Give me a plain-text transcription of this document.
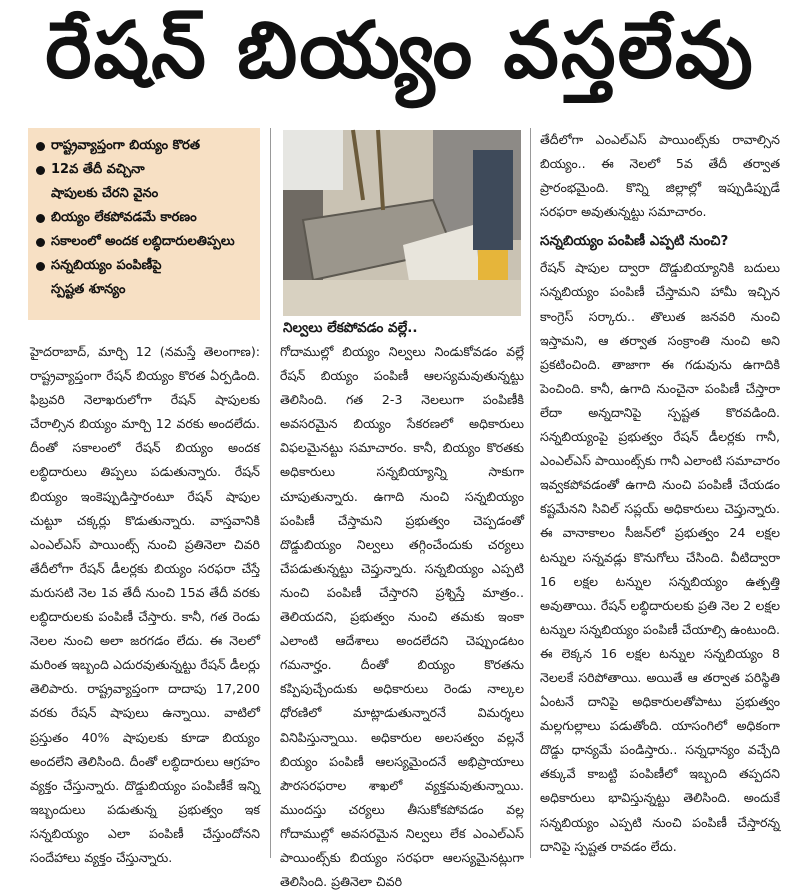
రేషన్ బియ్యం వస్తలేవు
రాష్ట్రవ్యాప్తంగా బియ్యం కొరత
12వ తేదీ వచ్చినా
షాపులకు చేరని వైనం
బియ్యం లేకపోవడమే కారణం
సకాలంలో అందక లబ్ధిదారులతిప్పలు
సన్నబియ్యం పంపిణీపై
స్పష్టత శూన్యం

హైదరాబాద్, మార్చి 12 (నమస్తే తెలంగాణ): రాష్ట్రవ్యాప్తంగా రేషన్ బియ్యం కొరత ఏర్పడింది. ఫిబ్రవరి నెలాఖరులోగా రేషన్ షాపులకు చేరాల్సిన బియ్యం మార్చి 12 వరకు అందలేదు. దీంతో సకాలంలో రేషన్ బియ్యం అందక లబ్ధిదారులు తిప్పలు పడుతున్నారు. రేషన్ బియ్యం ఇంకెప్పుడిస్తారంటూ రేషన్ షాపుల చుట్టూ చక్కర్లు కొడుతున్నారు. వాస్తవానికి ఎంఎల్ఎస్ పాయింట్స్ నుంచి ప్రతినెలా చివరి తేదీలోగా రేషన్ డీలర్లకు బియ్యం సరఫరా చేస్తే మరుసటి నెల 1వ తేదీ నుంచి 15వ తేదీ వరకు లబ్ధిదారులకు పంపిణీ చేస్తారు. కానీ, గత రెండు నెలల నుంచి అలా జరగడం లేదు. ఈ నెలలో మరింత ఇబ్బంది ఎదురవుతున్నట్టు రేషన్ డీలర్లు తెలిపారు. రాష్ట్రవ్యాప్తంగా దాదాపు 17,200 వరకు రేషన్ షాపులు ఉన్నాయి. వాటిలో ప్రస్తుతం 40% షాపులకు కూడా బియ్యం అందలేని తెలిసింది. దీంతో లబ్ధిదారులు ఆగ్రహం వ్యక్తం చేస్తున్నారు. దొడ్డుబియ్యం పంపిణీకే ఇన్ని ఇబ్బందులు పడుతున్న ప్రభుత్వం ఇక సన్నబియ్యం ఎలా పంపిణీ చేస్తుందోనని సందేహాలు వ్యక్తం చేస్తున్నారు.

నిల్వలు లేకపోవడం వల్లే..

గోదాముల్లో బియ్యం నిల్వలు నిండుకోవడం వల్లే రేషన్ బియ్యం పంపిణీ ఆలస్యమవుతున్నట్టు తెలిసింది. గత 2-3 నెలలుగా పంపిణీకి అవసరమైన బియ్యం సేకరణలో అధికారులు విఫలమైనట్టు సమాచారం. కానీ, బియ్యం కొరతకు అధికారులు సన్నబియ్యాన్ని సాకుగా చూపుతున్నారు. ఉగాది నుంచి సన్నబియ్యం పంపిణీ చేస్తామని ప్రభుత్వం చెప్పడంతో దొడ్డుబియ్యం నిల్వలు తగ్గించేందుకు చర్యలు చేపడుతున్నట్టు చెప్తున్నారు. సన్నబియ్యం ఎప్పటి నుంచి పంపిణీ చేస్తారని ప్రశ్నిస్తే మాత్రం.. తెలియదని, ప్రభుత్వం నుంచి తమకు ఇంకా ఎలాంటి ఆదేశాలు అందలేదని చెప్పుండటం గమనార్హం. దీంతో బియ్యం కొరతను కప్పిపుచ్చేందుకు అధికారులు రెండు నాల్కల ధోరణిలో మాట్లాడుతున్నారనే విమర్శలు వినిపిస్తున్నాయి. అధికారుల అలసత్వం వల్లనే బియ్యం పంపిణీ ఆలస్యమైందనే అభిప్రాయాలు పౌరసరఫరాల శాఖలో వ్యక్తమవుతున్నాయి. ముందస్తు చర్యలు తీసుకోకపోవడం వల్ల గోదాముల్లో అవసరమైన నిల్వలు లేక ఎంఎల్ఎస్ పాయింట్స్‌కు బియ్యం సరఫరా ఆలస్యమైనట్లుగా తెలిసింది. ప్రతినెలా చివరి

తేదీలోగా ఎంఎల్ఎస్ పాయింట్స్‌కు రావాల్సిన బియ్యం.. ఈ నెలలో 5వ తేదీ తర్వాత ప్రారంభమైంది. కొన్ని జిల్లాల్లో ఇప్పుడిప్పుడే సరఫరా అవుతున్నట్టు సమాచారం.

సన్నబియ్యం పంపిణీ ఎప్పటి నుంచి?

రేషన్ షాపుల ద్వారా దొడ్డుబియ్యానికి బదులు సన్నబియ్యం పంపిణీ చేస్తామని హామీ ఇచ్చిన కాంగ్రెస్ సర్కారు.. తొలుత జనవరి నుంచి ఇస్తామని, ఆ తర్వాత సంక్రాంతి నుంచి అని ప్రకటించింది. తాజాగా ఈ గడువును ఉగాదికి పెంచింది. కానీ, ఉగాది నుంచైనా పంపిణీ చేస్తారా లేదా అన్నదానిపై స్పష్టత కొరవడింది. సన్నబియ్యంపై ప్రభుత్వం రేషన్ డీలర్లకు గానీ, ఎంఎల్ఎస్ పాయింట్స్‌కు గానీ ఎలాంటి సమాచారం ఇవ్వకపోవడంతో ఉగాది నుంచి పంపిణీ చేయడం కష్టమేనని సివిల్ సప్లయ్ అధికారులు చెప్తున్నారు. ఈ వానాకాలం సీజన్‌లో ప్రభుత్వం 24 లక్షల టన్నుల సన్నవడ్లు కొనుగోలు చేసింది. వీటిద్వారా 16 లక్షల టన్నుల సన్నబియ్యం ఉత్పత్తి అవుతాయి. రేషన్ లబ్ధిదారులకు ప్రతి నెల 2 లక్షల టన్నుల సన్నబియ్యం పంపిణీ చేయాల్సి ఉంటుంది. ఈ లెక్కన 16 లక్షల టన్నుల సన్నబియ్యం 8 నెలలకే సరిపోతాయి. అయితే ఆ తర్వాత పరిస్థితి ఏంటనే దానిపై అధికారులతోపాటు ప్రభుత్వం మల్లగుల్లాలు పడుతోంది. యాసంగిలో అధికంగా దొడ్డు ధాన్యమే పండిస్తారు.. సన్నధాన్యం వచ్చేది తక్కువే కాబట్టి పంపిణీలో ఇబ్బంది తప్పదని అధికారులు భావిస్తున్నట్టు తెలిసింది. అందుకే సన్నబియ్యం ఎప్పటి నుంచి పంపిణీ చేస్తారన్న దానిపై స్పష్టత రావడం లేదు.
